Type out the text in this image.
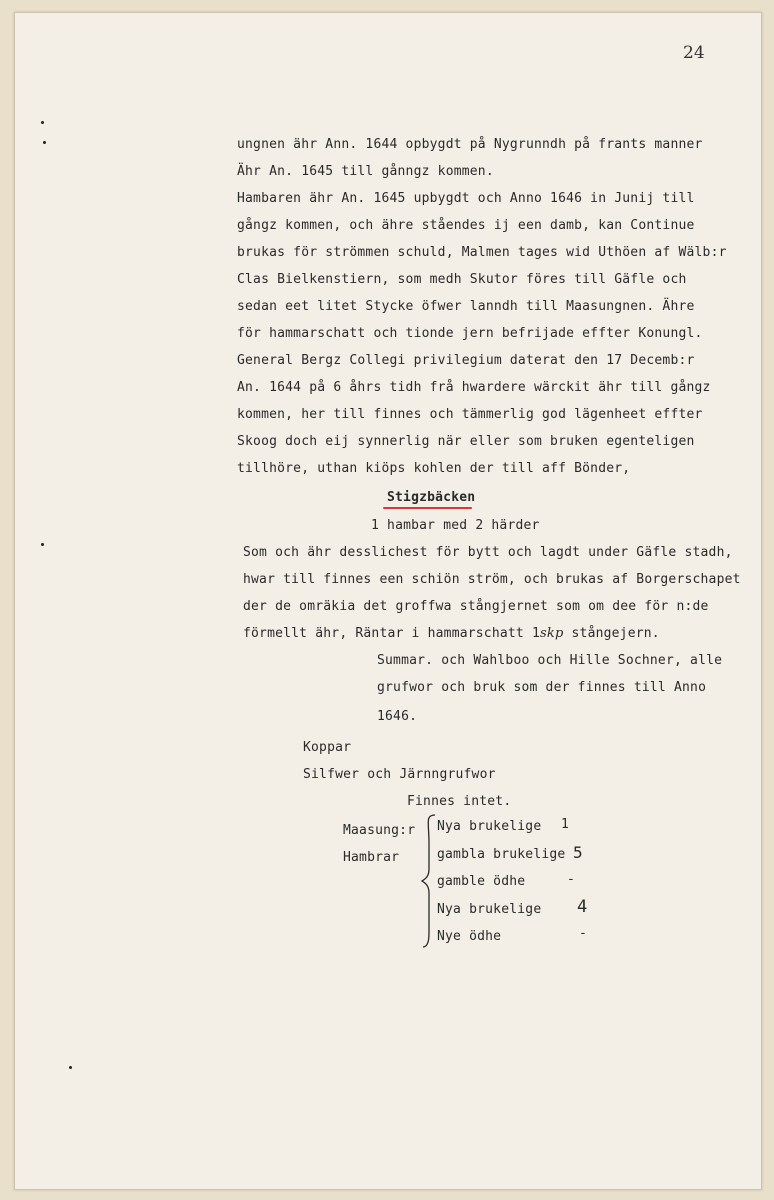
24
ungnen ähr Ann. 1644 opbygdt på Nygrunndh på frants manner
Ähr An. 1645 till gånngz kommen.
Hambaren ähr An. 1645 upbygdt och Anno 1646 in Junij till
gångz kommen, och ähre ståendes ij een damb, kan Continue
brukas för strömmen schuld, Malmen tages wid Uthöen af Wälb:r
Clas Bielkenstiern, som medh Skutor föres till Gäfle och
sedan eet litet Stycke öfwer lanndh till Maasungnen. Ähre
för hammarschatt och tionde jern befrijade effter Konungl.
General Bergz Collegi privilegium daterat den 17 Decemb:r
An. 1644 på 6 åhrs tidh frå hwardere wärckit ähr till gångz
kommen, her till finnes och tämmerlig god lägenheet effter
Skoog doch eij synnerlig när eller som bruken egenteligen
tillhöre, uthan kiöps kohlen der till aff Bönder,
Stigzbäcken
1 hambar med 2 härder
Som och ähr desslichest för bytt och lagdt under Gäfle stadh,
hwar till finnes een schiön ström, och brukas af Borgerschapet
der de omräkia det groffwa stångjernet som om dee för n:de
förmellt ähr, Räntar i hammarschatt 1skp stångejern.
Summar. och Wahlboo och Hille Sochner, alle
grufwor och bruk som der finnes till Anno
1646.
Koppar
Silfwer och Järnngrufwor
Finnes intet.
Maasung:r
Hambrar
Nya brukelige 1
gambla brukelige 5
gamble ödhe	-
Nya brukelige 4
Nye ödhe	-
